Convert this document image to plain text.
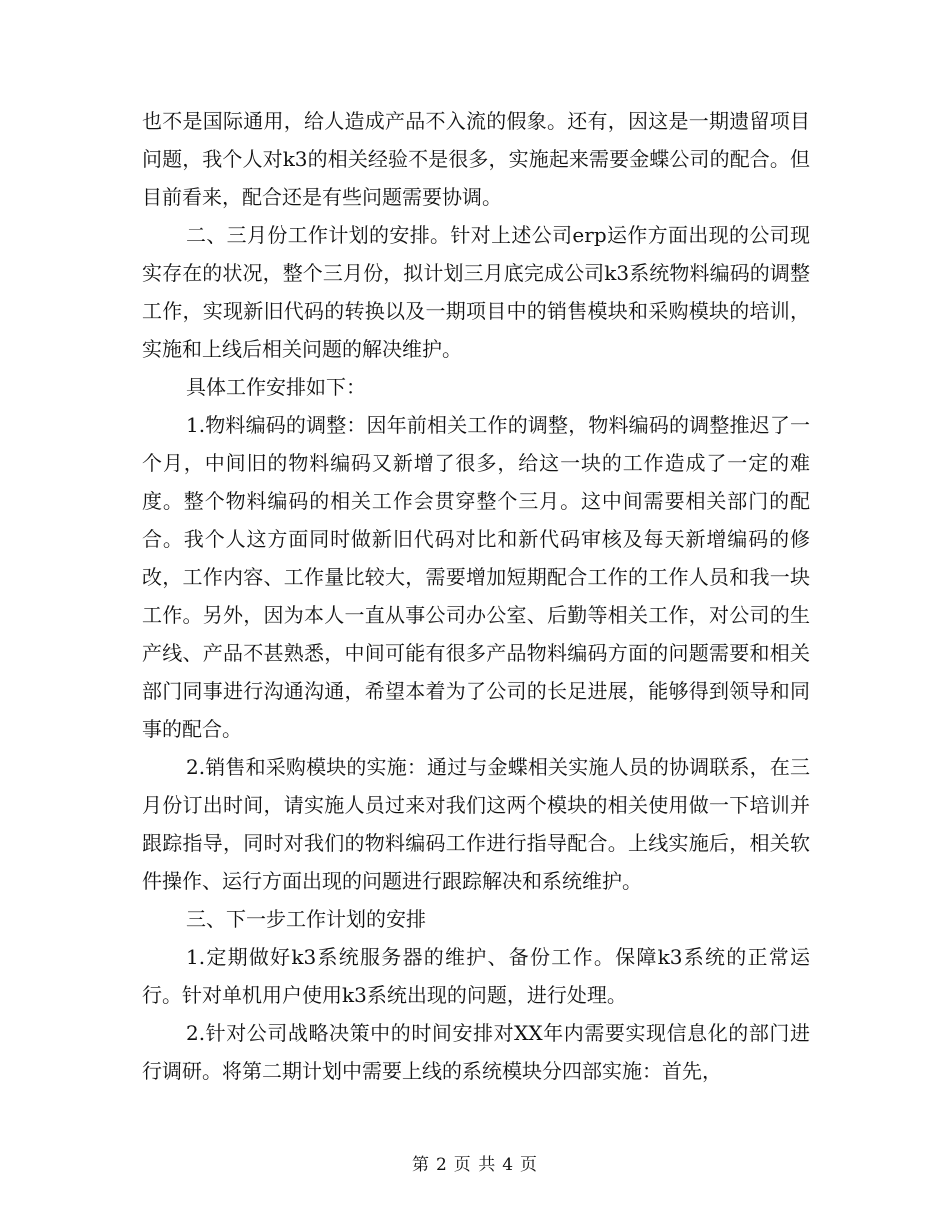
也不是国际通用，给人造成产品不入流的假象。还有，因这是一期遗留项目问题，我个人对k3的相关经验不是很多，实施起来需要金蝶公司的配合。但目前看来，配合还是有些问题需要协调。

二、三月份工作计划的安排。针对上述公司erp运作方面出现的公司现实存在的状况，整个三月份，拟计划三月底完成公司k3系统物料编码的调整工作，实现新旧代码的转换以及一期项目中的销售模块和采购模块的培训，实施和上线后相关问题的解决维护。

具体工作安排如下：

1.物料编码的调整：因年前相关工作的调整，物料编码的调整推迟了一个月，中间旧的物料编码又新增了很多，给这一块的工作造成了一定的难度。整个物料编码的相关工作会贯穿整个三月。这中间需要相关部门的配合。我个人这方面同时做新旧代码对比和新代码审核及每天新增编码的修改，工作内容、工作量比较大，需要增加短期配合工作的工作人员和我一块工作。另外，因为本人一直从事公司办公室、后勤等相关工作，对公司的生产线、产品不甚熟悉，中间可能有很多产品物料编码方面的问题需要和相关部门同事进行沟通沟通，希望本着为了公司的长足进展，能够得到领导和同事的配合。

2.销售和采购模块的实施：通过与金蝶相关实施人员的协调联系，在三月份订出时间，请实施人员过来对我们这两个模块的相关使用做一下培训并跟踪指导，同时对我们的物料编码工作进行指导配合。上线实施后，相关软件操作、运行方面出现的问题进行跟踪解决和系统维护。

三、下一步工作计划的安排

1.定期做好k3系统服务器的维护、备份工作。保障k3系统的正常运行。针对单机用户使用k3系统出现的问题，进行处理。

2.针对公司战略决策中的时间安排对XX年内需要实现信息化的部门进行调研。将第二期计划中需要上线的系统模块分四部实施：首先，

第 2 页 共 4 页
